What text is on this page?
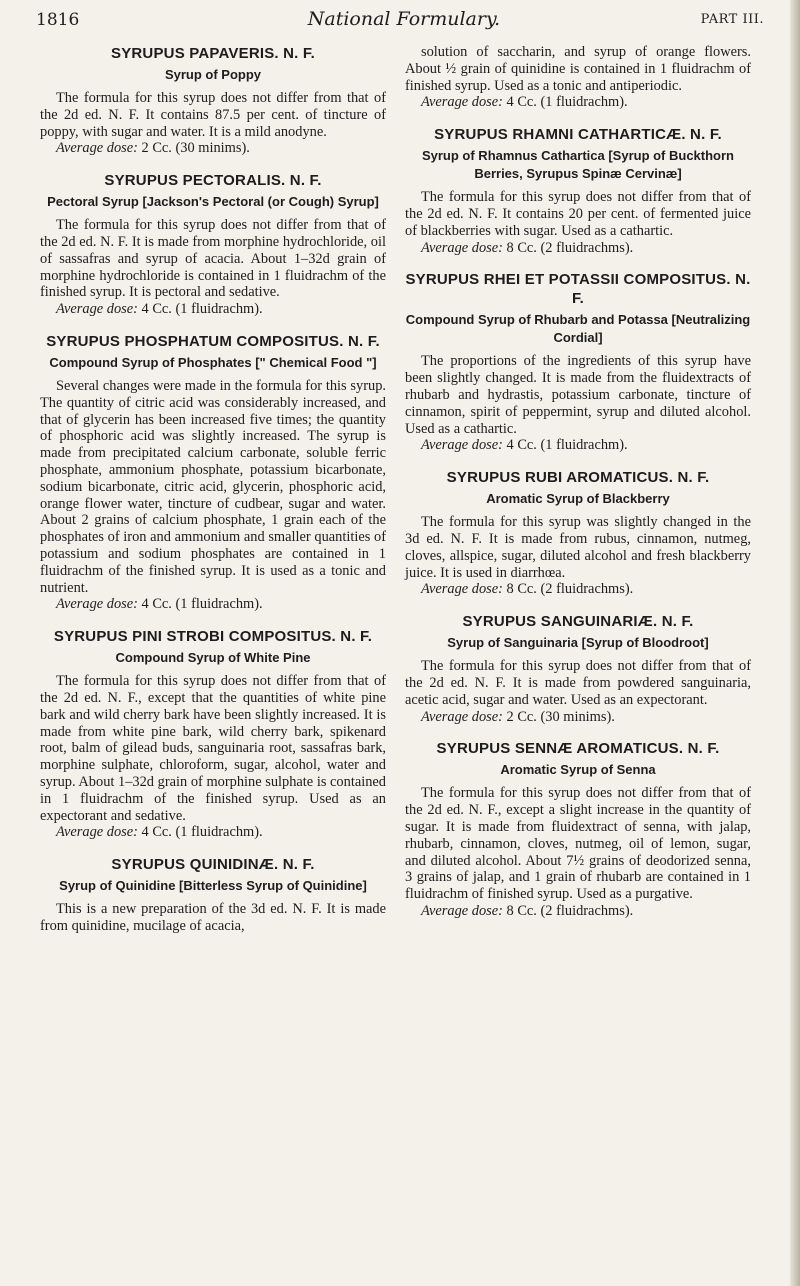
1816	National Formulary.	PART III.
SYRUPUS PAPAVERIS. N. F.
Syrup of Poppy

The formula for this syrup does not differ from that of the 2d ed. N. F. It contains 87.5 per cent. of tincture of poppy, with sugar and water. It is a mild anodyne.

Average dose: 2 Cc. (30 minims).

SYRUPUS PECTORALIS. N. F.
Pectoral Syrup [Jackson's Pectoral (or Cough) Syrup]

The formula for this syrup does not differ from that of the 2d ed. N. F. It is made from morphine hydrochloride, oil of sassafras and syrup of acacia. About 1–32d grain of morphine hydrochloride is contained in 1 fluidrachm of the finished syrup. It is pectoral and sedative.

Average dose: 4 Cc. (1 fluidrachm).

SYRUPUS PHOSPHATUM COMPOSITUS. N. F.
Compound Syrup of Phosphates [" Chemical Food "]

Several changes were made in the formula for this syrup. The quantity of citric acid was considerably increased, and that of glycerin has been increased five times; the quantity of phosphoric acid was slightly increased. The syrup is made from precipitated calcium carbonate, soluble ferric phosphate, ammonium phosphate, potassium bicarbonate, sodium bicarbonate, citric acid, glycerin, phosphoric acid, orange flower water, tincture of cudbear, sugar and water. About 2 grains of calcium phosphate, 1 grain each of the phosphates of iron and ammonium and smaller quantities of potassium and sodium phosphates are contained in 1 fluidrachm of the finished syrup. It is used as a tonic and nutrient.

Average dose: 4 Cc. (1 fluidrachm).

SYRUPUS PINI STROBI COMPOSITUS. N. F.
Compound Syrup of White Pine

The formula for this syrup does not differ from that of the 2d ed. N. F., except that the quantities of white pine bark and wild cherry bark have been slightly increased. It is made from white pine bark, wild cherry bark, spikenard root, balm of gilead buds, sanguinaria root, sassafras bark, morphine sulphate, chloroform, sugar, alcohol, water and syrup. About 1–32d grain of morphine sulphate is contained in 1 fluidrachm of the finished syrup. Used as an expectorant and sedative.

Average dose: 4 Cc. (1 fluidrachm).

SYRUPUS QUINIDINÆ. N. F.
Syrup of Quinidine [Bitterless Syrup of Quinidine]

This is a new preparation of the 3d ed. N. F. It is made from quinidine, mucilage of acacia,

solution of saccharin, and syrup of orange flowers. About ½ grain of quinidine is contained in 1 fluidrachm of finished syrup. Used as a tonic and antiperiodic.

Average dose: 4 Cc. (1 fluidrachm).

SYRUPUS RHAMNI CATHARTICÆ. N. F.
Syrup of Rhamnus Cathartica [Syrup of Buckthorn Berries, Syrupus Spinæ Cervinæ]

The formula for this syrup does not differ from that of the 2d ed. N. F. It contains 20 per cent. of fermented juice of blackberries with sugar. Used as a cathartic.

Average dose: 8 Cc. (2 fluidrachms).

SYRUPUS RHEI ET POTASSII COMPOSITUS. N. F.
Compound Syrup of Rhubarb and Potassa [Neutralizing Cordial]

The proportions of the ingredients of this syrup have been slightly changed. It is made from the fluidextracts of rhubarb and hydrastis, potassium carbonate, tincture of cinnamon, spirit of peppermint, syrup and diluted alcohol. Used as a cathartic.

Average dose: 4 Cc. (1 fluidrachm).

SYRUPUS RUBI AROMATICUS. N. F.
Aromatic Syrup of Blackberry

The formula for this syrup was slightly changed in the 3d ed. N. F. It is made from rubus, cinnamon, nutmeg, cloves, allspice, sugar, diluted alcohol and fresh blackberry juice. It is used in diarrhœa.

Average dose: 8 Cc. (2 fluidrachms).

SYRUPUS SANGUINARIÆ. N. F.
Syrup of Sanguinaria [Syrup of Bloodroot]

The formula for this syrup does not differ from that of the 2d ed. N. F. It is made from powdered sanguinaria, acetic acid, sugar and water. Used as an expectorant.

Average dose: 2 Cc. (30 minims).

SYRUPUS SENNÆ AROMATICUS. N. F.
Aromatic Syrup of Senna

The formula for this syrup does not differ from that of the 2d ed. N. F., except a slight increase in the quantity of sugar. It is made from fluidextract of senna, with jalap, rhubarb, cinnamon, cloves, nutmeg, oil of lemon, sugar, and diluted alcohol. About 7½ grains of deodorized senna, 3 grains of jalap, and 1 grain of rhubarb are contained in 1 fluidrachm of finished syrup. Used as a purgative.

Average dose: 8 Cc. (2 fluidrachms).
